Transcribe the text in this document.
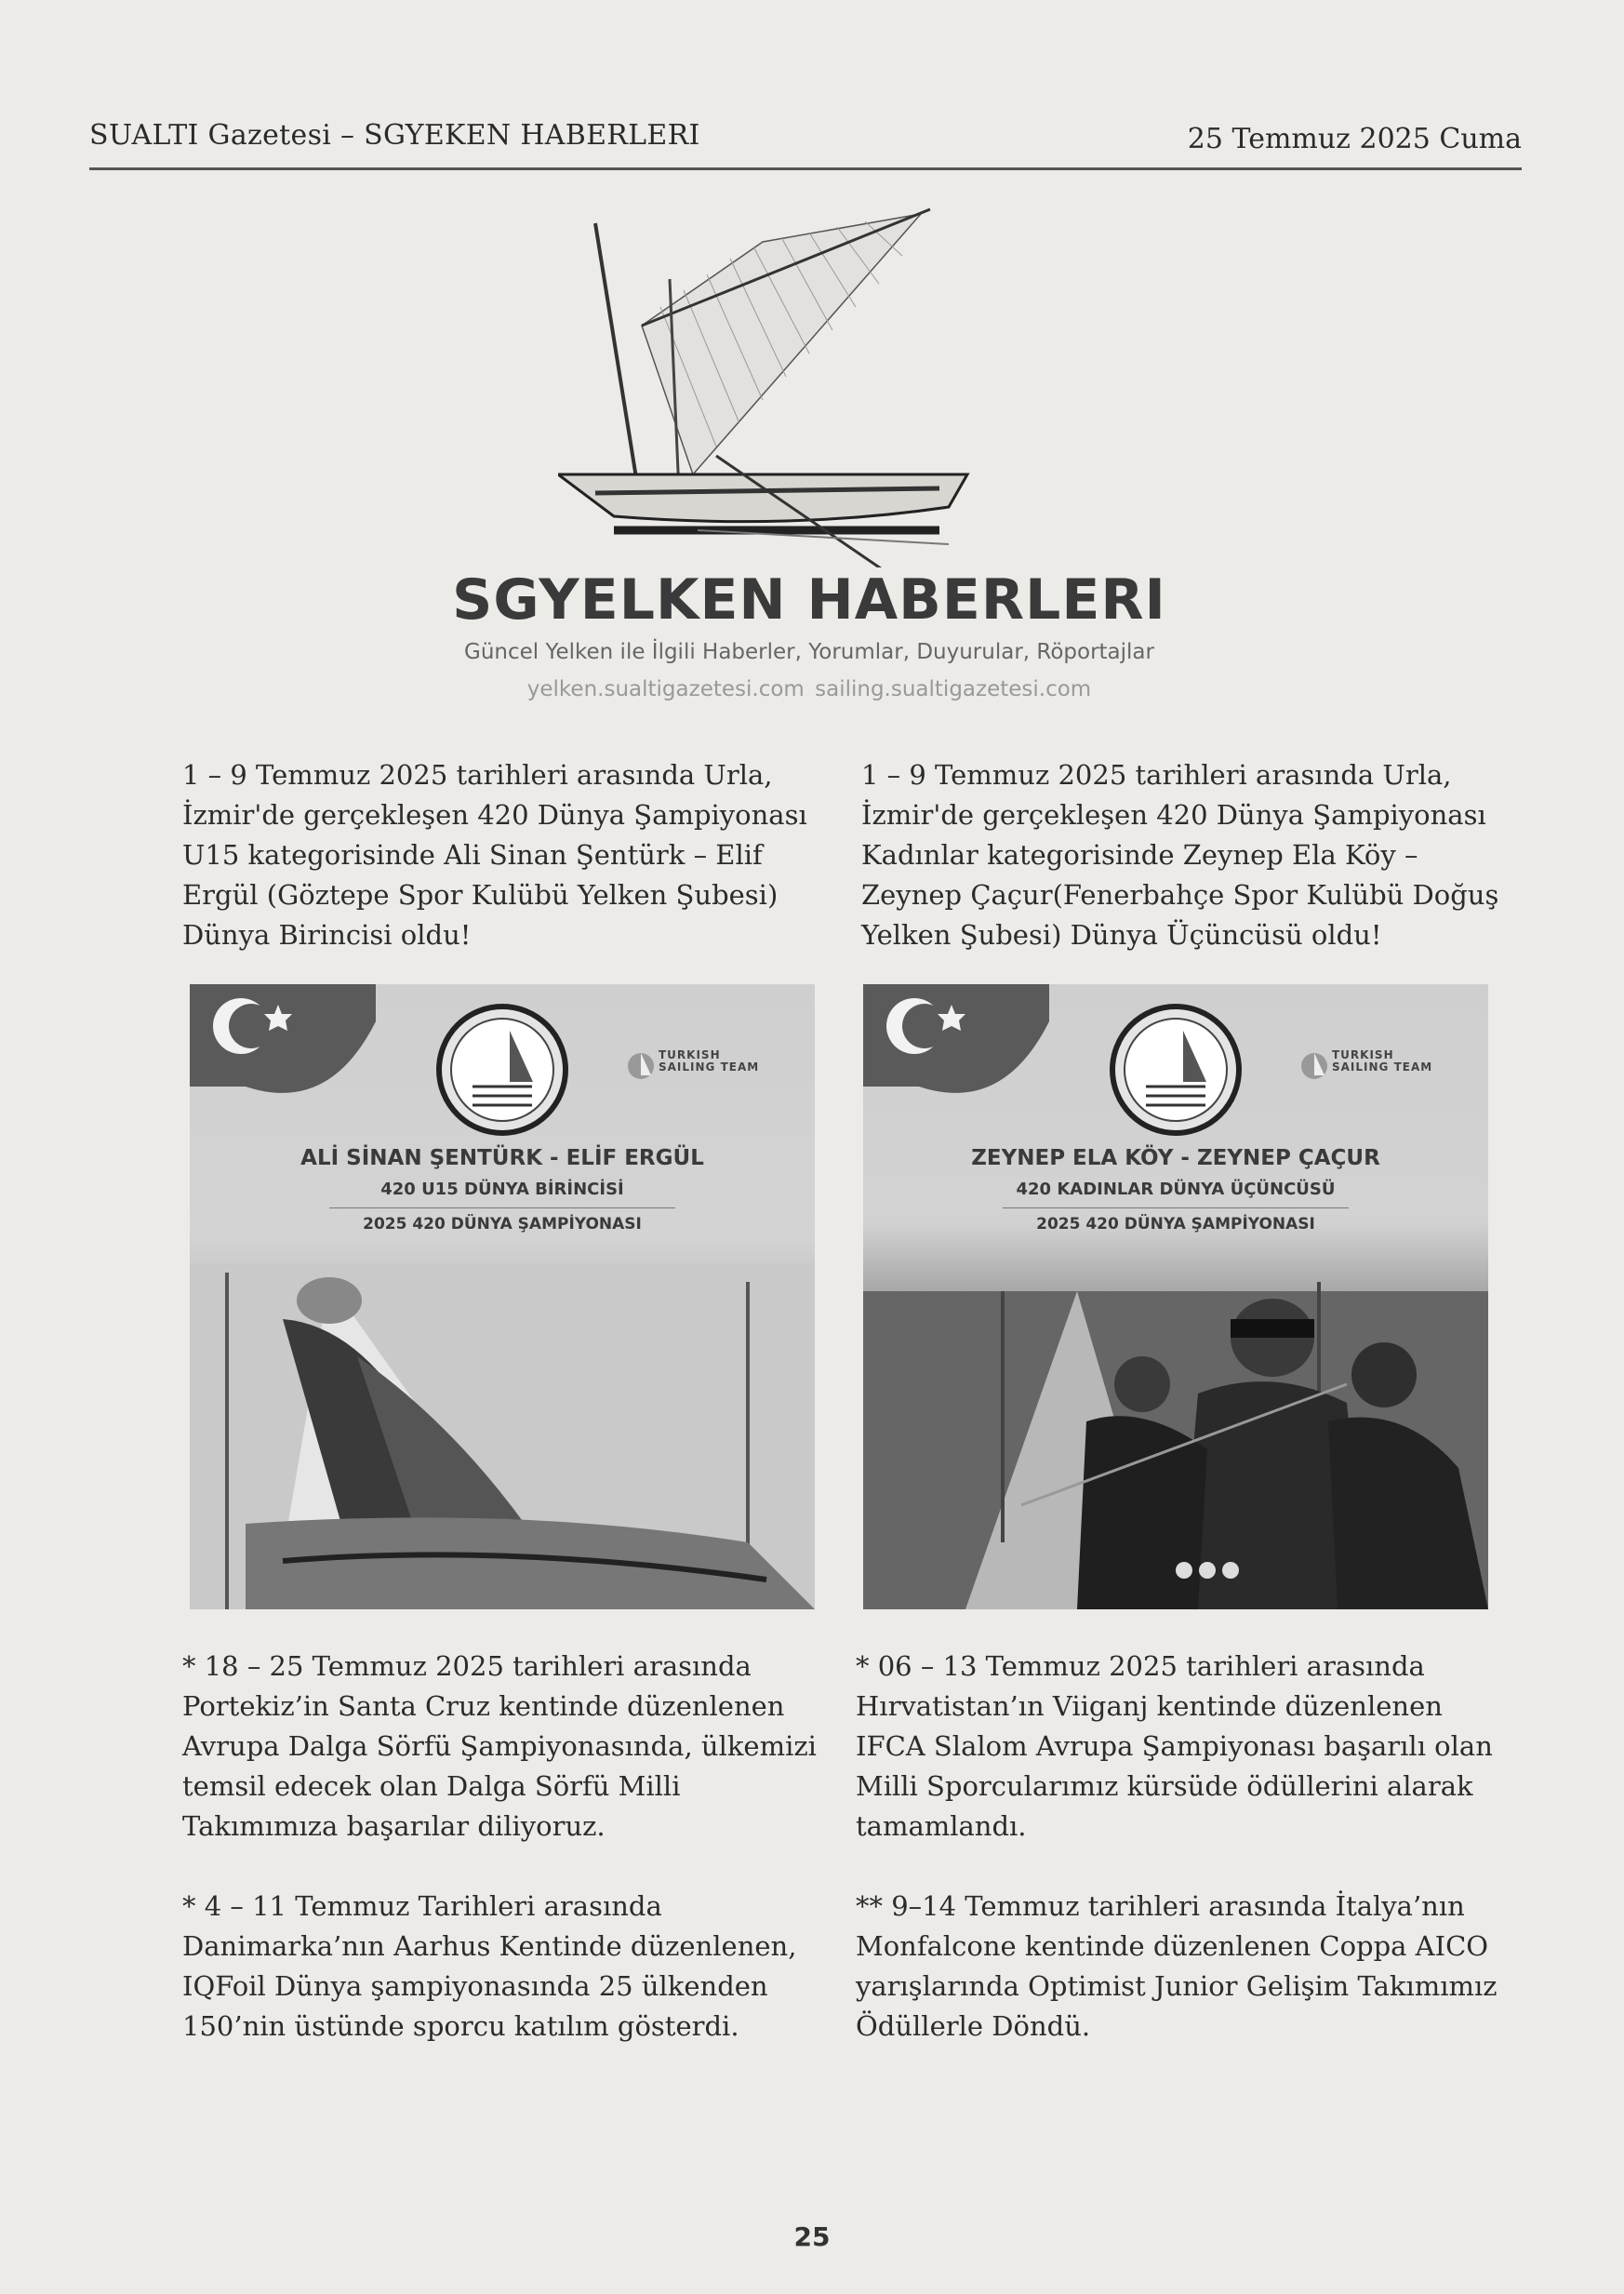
SUALTI Gazetesi – SGYEKEN HABERLERI	25 Temmuz 2025 Cuma
SGYELKEN HABERLERI
Güncel Yelken ile İlgili Haberler, Yorumlar, Duyurular, Röportajlar
yelken.sualtigazetesi.com sailing.sualtigazetesi.com
1 – 9 Temmuz 2025 tarihleri arasında Urla, İzmir'de gerçekleşen 420 Dünya Şampiyonası U15 kategorisinde Ali Sinan Şentürk – Elif Ergül (Göztepe Spor Kulübü Yelken Şubesi) Dünya Birincisi oldu!
1 – 9 Temmuz 2025 tarihleri arasında Urla, İzmir'de gerçekleşen 420 Dünya Şampiyonası Kadınlar kategorisinde Zeynep Ela Köy – Zeynep Çaçur(Fenerbahçe Spor Kulübü Doğuş Yelken Şubesi) Dünya Üçüncüsü oldu!
TURKISH SAILING TEAM
ALİ SİNAN ŞENTÜRK - ELİF ERGÜL
420 U15 DÜNYA BİRİNCİSİ
2025 420 DÜNYA ŞAMPİYONASI
TURKISH SAILING TEAM
ZEYNEP ELA KÖY - ZEYNEP ÇAÇUR
420 KADINLAR DÜNYA ÜÇÜNCÜSÜ
2025 420 DÜNYA ŞAMPİYONASI
* 18 – 25 Temmuz 2025 tarihleri arasında Portekiz’in Santa Cruz kentinde düzenlenen Avrupa Dalga Sörfü Şampiyonasında, ülkemizi temsil edecek olan Dalga Sörfü Milli Takımımıza başarılar diliyoruz.
* 06 – 13 Temmuz 2025 tarihleri arasında Hırvatistan’ın Viiganj kentinde düzenlenen IFCA Slalom Avrupa Şampiyonası başarılı olan Milli Sporcularımız kürsüde ödüllerini alarak tamamlandı.
* 4 – 11 Temmuz Tarihleri arasında Danimarka’nın Aarhus Kentinde düzenlenen, IQFoil Dünya şampiyonasında 25 ülkenden 150’nin üstünde sporcu katılım gösterdi.
** 9–14 Temmuz tarihleri arasında İtalya’nın Monfalcone kentinde düzenlenen Coppa AICO yarışlarında Optimist Junior Gelişim Takımımız Ödüllerle Döndü.
25
